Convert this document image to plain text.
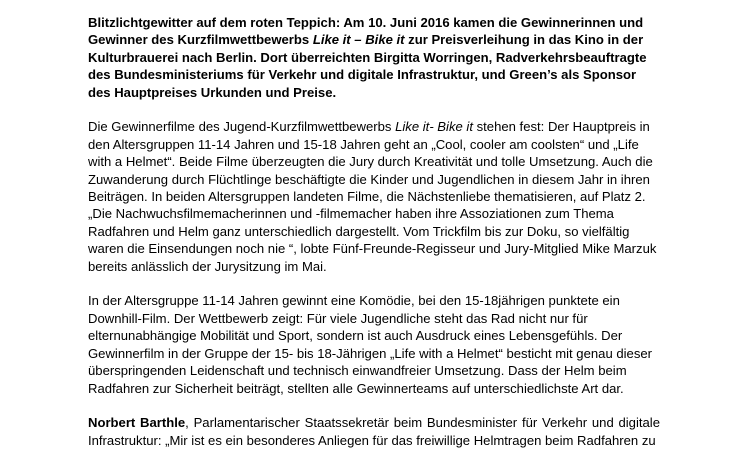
Blitzlichtgewitter auf dem roten Teppich: Am 10. Juni 2016 kamen die Gewinnerinnen und Gewinner des Kurzfilmwettbewerbs Like it – Bike it zur Preisverleihung in das Kino in der Kulturbrauerei nach Berlin. Dort überreichten Birgitta Worringen, Radverkehrsbeauftragte des Bundesministeriums für Verkehr und digitale Infrastruktur, und Green’s als Sponsor des Hauptpreises Urkunden und Preise.

Die Gewinnerfilme des Jugend-Kurzfilmwettbewerbs Like it- Bike it stehen fest: Der Hauptpreis in den Altersgruppen 11-14 Jahren und 15-18 Jahren geht an „Cool, cooler am coolsten“ und „Life with a Helmet“. Beide Filme überzeugten die Jury durch Kreativität und tolle Umsetzung. Auch die Zuwanderung durch Flüchtlinge beschäftigte die Kinder und Jugendlichen in diesem Jahr in ihren Beiträgen. In beiden Altersgruppen landeten Filme, die Nächstenliebe thematisieren, auf Platz 2. „Die Nachwuchsfilmemacherinnen und -filmemacher haben ihre Assoziationen zum Thema Radfahren und Helm ganz unterschiedlich dargestellt. Vom Trickfilm bis zur Doku, so vielfältig waren die Einsendungen noch nie “, lobte Fünf-Freunde-Regisseur und Jury-Mitglied Mike Marzuk bereits anlässlich der Jurysitzung im Mai.

In der Altersgruppe 11-14 Jahren gewinnt eine Komödie, bei den 15-18jährigen punktete ein Downhill-Film. Der Wettbewerb zeigt: Für viele Jugendliche steht das Rad nicht nur für elternunabhängige Mobilität und Sport, sondern ist auch Ausdruck eines Lebensgefühls. Der Gewinnerfilm in der Gruppe der 15- bis 18-Jährigen „Life with a Helmet“ besticht mit genau dieser überspringenden Leidenschaft und technisch einwandfreier Umsetzung. Dass der Helm beim Radfahren zur Sicherheit beiträgt, stellten alle Gewinnerteams auf unterschiedlichste Art dar.

Norbert Barthle, Parlamentarischer Staatssekretär beim Bundesminister für Verkehr und digitale Infrastruktur: „Mir ist es ein besonderes Anliegen für das freiwillige Helmtragen beim Radfahren zu
